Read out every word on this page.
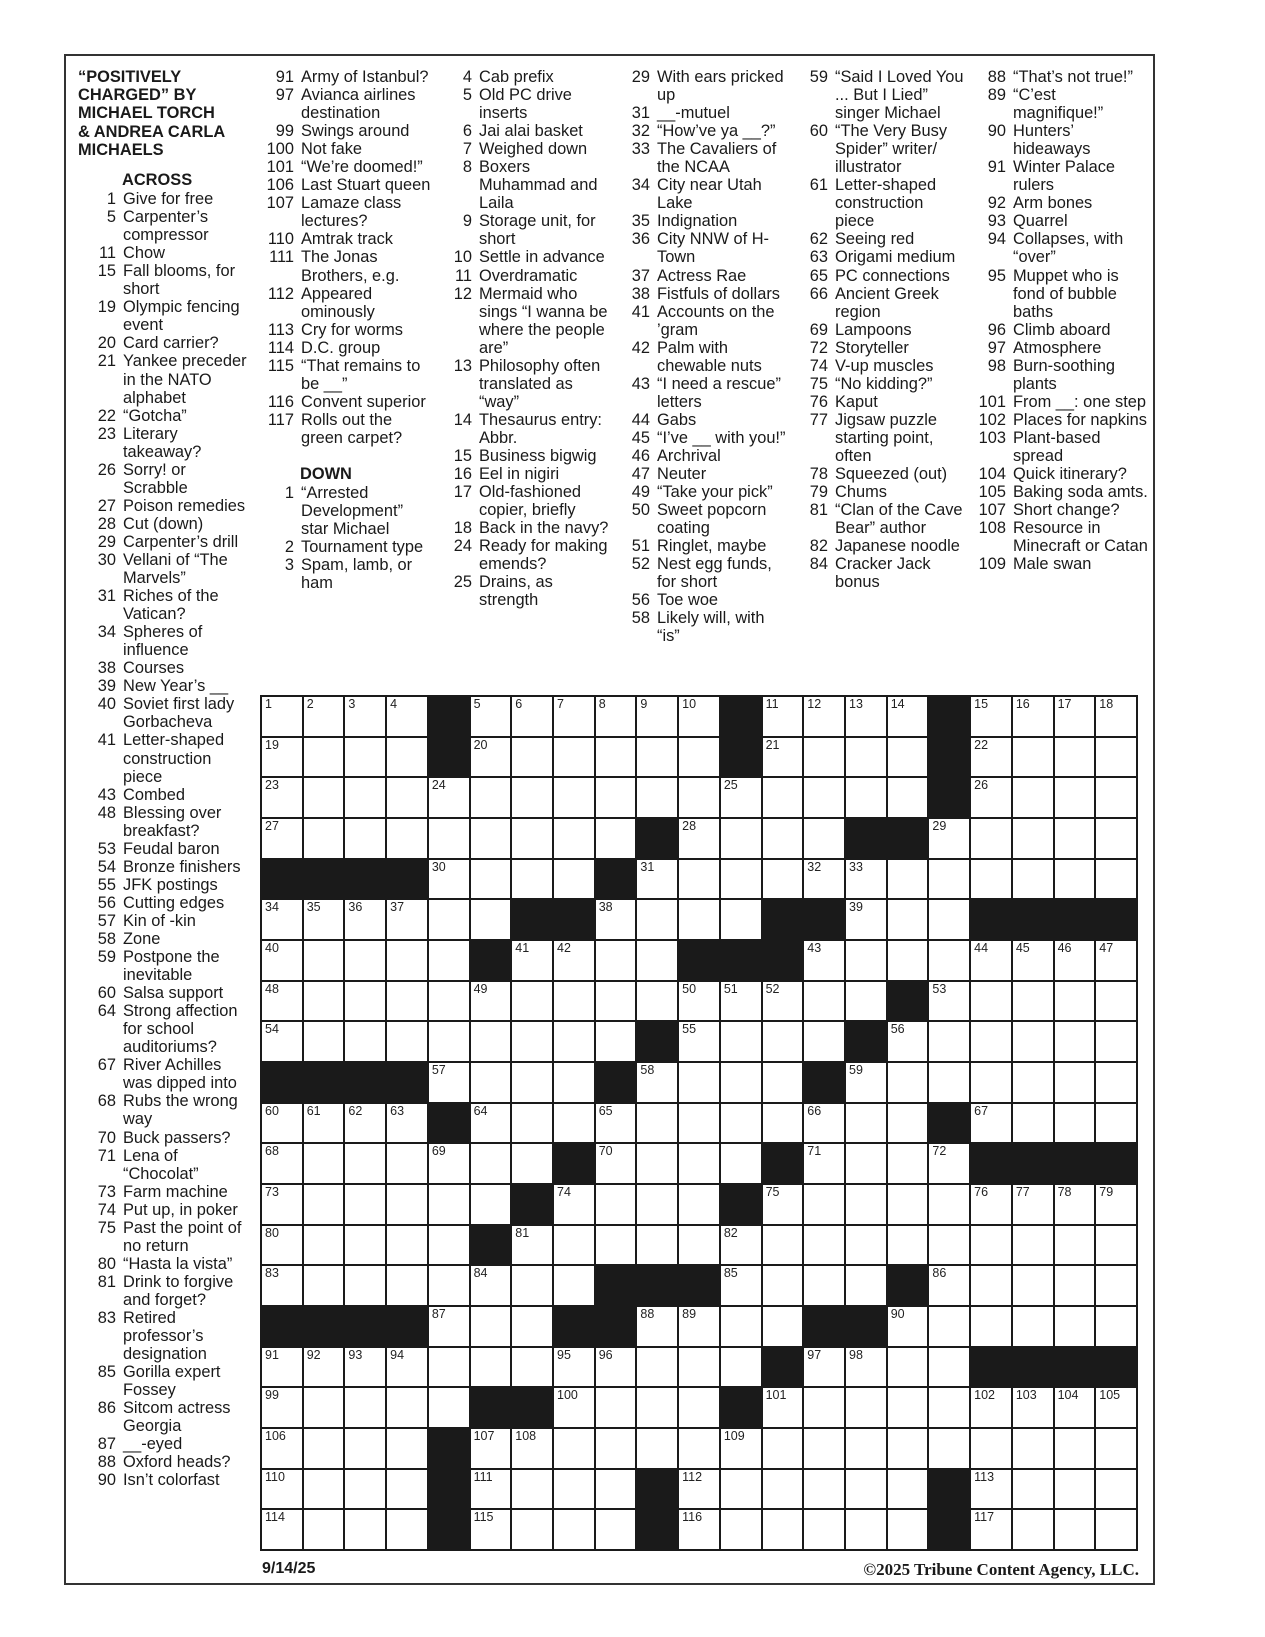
“POSITIVELY
CHARGED” BY
MICHAEL TORCH
& ANDREA CARLA
MICHAELS
ACROSS
1 Give for free
5 Carpenter’s compressor
11 Chow
15 Fall blooms, for short
19 Olympic fencing event
20 Card carrier?
21 Yankee preceder in the NATO alphabet
22 “Gotcha”
23 Literary takeaway?
26 Sorry! or Scrabble
27 Poison remedies
28 Cut (down)
29 Carpenter’s drill
30 Vellani of “The Marvels”
31 Riches of the Vatican?
34 Spheres of influence
38 Courses
39 New Year’s __
40 Soviet first lady Gorbacheva
41 Letter-shaped construction piece
43 Combed
48 Blessing over breakfast?
53 Feudal baron
54 Bronze finishers
55 JFK postings
56 Cutting edges
57 Kin of -kin
58 Zone
59 Postpone the inevitable
60 Salsa support
64 Strong affection for school auditoriums?
67 River Achilles was dipped into
68 Rubs the wrong way
70 Buck passers?
71 Lena of “Chocolat”
73 Farm machine
74 Put up, in poker
75 Past the point of no return
80 “Hasta la vista”
81 Drink to forgive and forget?
83 Retired professor’s designation
85 Gorilla expert Fossey
86 Sitcom actress Georgia
87 __-eyed
88 Oxford heads?
90 Isn’t colorfast
91 Army of Istanbul?
97 Avianca airlines destination
99 Swings around
100 Not fake
101 “We’re doomed!”
106 Last Stuart queen
107 Lamaze class lectures?
110 Amtrak track
111 The Jonas Brothers, e.g.
112 Appeared ominously
113 Cry for worms
114 D.C. group
115 “That remains to be __”
116 Convent superior
117 Rolls out the green carpet?
DOWN
1 “Arrested Development” star Michael
2 Tournament type
3 Spam, lamb, or ham
4 Cab prefix
5 Old PC drive inserts
6 Jai alai basket
7 Weighed down
8 Boxers Muhammad and Laila
9 Storage unit, for short
10 Settle in advance
11 Overdramatic
12 Mermaid who sings “I wanna be where the people are”
13 Philosophy often translated as “way”
14 Thesaurus entry: Abbr.
15 Business bigwig
16 Eel in nigiri
17 Old-fashioned copier, briefly
18 Back in the navy?
24 Ready for making emends?
25 Drains, as strength
29 With ears pricked up
31 __-mutuel
32 “How’ve ya __?”
33 The Cavaliers of the NCAA
34 City near Utah Lake
35 Indignation
36 City NNW of H-Town
37 Actress Rae
38 Fistfuls of dollars
41 Accounts on the ’gram
42 Palm with chewable nuts
43 “I need a rescue” letters
44 Gabs
45 “I’ve __ with you!”
46 Archrival
47 Neuter
49 “Take your pick”
50 Sweet popcorn coating
51 Ringlet, maybe
52 Nest egg funds, for short
56 Toe woe
58 Likely will, with “is”
59 “Said I Loved You ... But I Lied” singer Michael
60 “The Very Busy Spider” writer/ illustrator
61 Letter-shaped construction piece
62 Seeing red
63 Origami medium
65 PC connections
66 Ancient Greek region
69 Lampoons
72 Storyteller
74 V-up muscles
75 “No kidding?”
76 Kaput
77 Jigsaw puzzle starting point, often
78 Squeezed (out)
79 Chums
81 “Clan of the Cave Bear” author
82 Japanese noodle
84 Cracker Jack bonus
88 “That’s not true!”
89 “C’est magnifique!”
90 Hunters’ hideaways
91 Winter Palace rulers
92 Arm bones
93 Quarrel
94 Collapses, with “over”
95 Muppet who is fond of bubble baths
96 Climb aboard
97 Atmosphere
98 Burn-soothing plants
101 From __: one step
102 Places for napkins
103 Plant-based spread
104 Quick itinerary?
105 Baking soda amts.
107 Short change?
108 Resource in Minecraft or Catan
109 Male swan
1	2	3	4	5	6	7	8	9	10	11 12 13 14	15 16 17 18
19	20	21	22
23	24	25	26
27	28	29
30	31	32 33
34 35 36 37	38	39
40	41 42	43	44 45 46 47
48	49	50 51 52	53
54	55	56
57	58	59
60 61 62 63	64	65	66	67
68	69	70	71	72
73	74	75	76 77 78 79
80	81	82
83	84	85	86
87	88 89	90
91 92 93 94	95 96	97 98
99	100	101	102 103 104 105
106	107 108	109
110	111	112	113
114	115	116	117
9/14/25	©2025 Tribune Content Agency, LLC.
